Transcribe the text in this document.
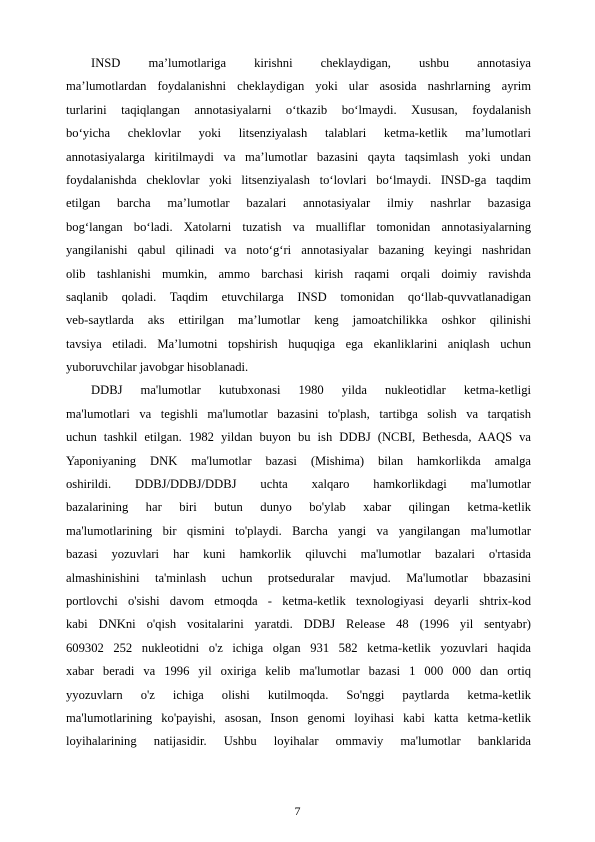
INSD ma’lumotlariga kirishni cheklaydigan, ushbu annotasiya
ma’lumotlardan foydalanishni cheklaydigan yoki ular asosida nashrlarning ayrim
turlarini taqiqlangan annotasiyalarni o‘tkazib bo‘lmaydi. Xususan, foydalanish
bo‘yicha cheklovlar yoki litsenziyalash talablari ketma-ketlik ma’lumotlari
annotasiyalarga kiritilmaydi va ma’lumotlar bazasini qayta taqsimlash yoki undan
foydalanishda cheklovlar yoki litsenziyalash to‘lovlari bo‘lmaydi. INSD-ga taqdim
etilgan barcha ma’lumotlar bazalari annotasiyalar ilmiy nashrlar bazasiga
bog‘langan bo‘ladi. Xatolarni tuzatish va mualliflar tomonidan annotasiyalarning
yangilanishi qabul qilinadi va noto‘g‘ri annotasiyalar bazaning keyingi nashridan
olib tashlanishi mumkin, ammo barchasi kirish raqami orqali doimiy ravishda
saqlanib qoladi. Taqdim etuvchilarga INSD tomonidan qo‘llab-quvvatlanadigan
veb-saytlarda aks ettirilgan ma’lumotlar keng jamoatchilikka oshkor qilinishi
tavsiya etiladi. Ma’lumotni topshirish huquqiga ega ekanliklarini aniqlash uchun
yuboruvchilar javobgar hisoblanadi.
DDBJ ma'lumotlar kutubxonasi 1980 yilda nukleotidlar ketma-ketligi
ma'lumotlari va tegishli ma'lumotlar bazasini to'plash, tartibga solish va tarqatish
uchun tashkil etilgan. 1982 yildan buyon bu ish DDBJ (NCBI, Bethesda, AAQS va
Yaponiyaning DNK ma'lumotlar bazasi (Mishima) bilan hamkorlikda amalga
oshirildi. DDBJ/DDBJ/DDBJ uchta xalqaro hamkorlikdagi ma'lumotlar
bazalarining har biri butun dunyo bo'ylab xabar qilingan ketma-ketlik
ma'lumotlarining bir qismini to'playdi. Barcha yangi va yangilangan ma'lumotlar
bazasi yozuvlari har kuni hamkorlik qiluvchi ma'lumotlar bazalari o'rtasida
almashinishini ta'minlash uchun protseduralar mavjud. Ma'lumotlar bbazasini
portlovchi o'sishi davom etmoqda - ketma-ketlik texnologiyasi deyarli shtrix-kod
kabi DNKni o'qish vositalarini yaratdi. DDBJ Release 48 (1996 yil sentyabr)
609302 252 nukleotidni o'z ichiga olgan 931 582 ketma-ketlik yozuvlari haqida
xabar beradi va 1996 yil oxiriga kelib ma'lumotlar bazasi 1 000 000 dan ortiq
yyozuvlarn o'z ichiga olishi kutilmoqda. So'nggi paytlarda ketma-ketlik
ma'lumotlarining ko'payishi, asosan, Inson genomi loyihasi kabi katta ketma-ketlik
loyihalarining natijasidir. Ushbu loyihalar ommaviy ma'lumotlar banklarida
7
